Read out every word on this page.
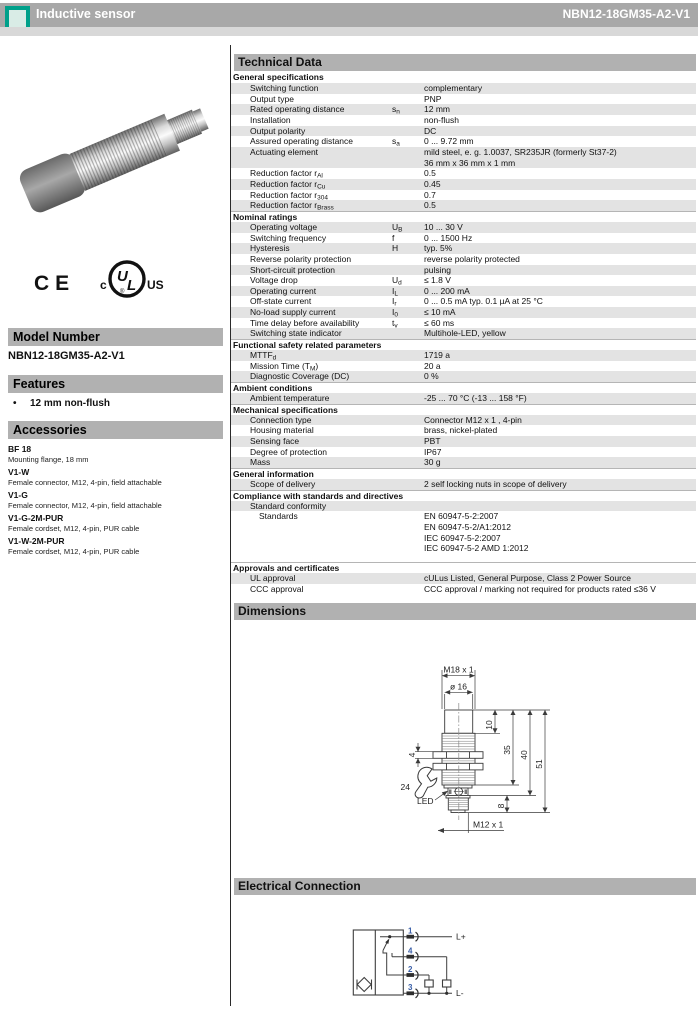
Inductive sensor	NBN12-18GM35-A2-V1
CE	U
L
®
c	US
Model Number
NBN12-18GM35-A2-V1
Features
• 12 mm non-flush
Accessories
BF 18
Mounting flange, 18 mm
V1-W
Female connector, M12, 4-pin, field attachable
V1-G
Female connector, M12, 4-pin, field attachable
V1-G-2M-PUR
Female cordset, M12, 4-pin, PUR cable
V1-W-2M-PUR
Female cordset, M12, 4-pin, PUR cable
Technical Data
General specifications
Switching function	complementary
Output type	PNP
Rated operating distance	$s_n$	12 mm
Installation	non-flush
Output polarity	DC
Assured operating distance	$s_a$	0 ... 9.72 mm
Actuating element	mild steel, e. g. 1.0037, SR235JR (formerly St37-2)
36 mm x 36 mm x 1 mm
Reduction factor $r_{Al}$	0.5
Reduction factor $r_{Cu}$	0.45
Reduction factor $r_{304}$	0.7
Reduction factor $r_{Brass}$	0.5
Nominal ratings
Operating voltage	$U_B$	10 ... 30 V
Switching frequency	f	0 ... 1500 Hz
Hysteresis	H	typ. 5%
Reverse polarity protection	reverse polarity protected
Short-circuit protection	pulsing
Voltage drop	$U_d$	≤ 1.8 V
Operating current	$I_L$	0 ... 200 mA
Off-state current	$I_r$	0 ... 0.5 mA typ. 0.1 µA at 25 °C
No-load supply current	$I_0$	≤ 10 mA
Time delay before availability	$t_v$	≤ 60 ms
Switching state indicator	Multihole-LED, yellow
Functional safety related parameters
$MTTF_d$	1719 a
Mission Time $(T_M)$	20 a
Diagnostic Coverage (DC)	0 %
Ambient conditions
Ambient temperature	-25 ... 70 °C (-13 ... 158 °F)
Mechanical specifications
Connection type	Connector M12 x 1 , 4-pin
Housing material	brass, nickel-plated
Sensing face	PBT
Degree of protection	IP67
Mass	30 g
General information
Scope of delivery	2 self locking nuts in scope of delivery
Compliance with standards and directives
Standard conformity
Standards	EN 60947-5-2:2007
EN 60947-5-2/A1:2012
IEC 60947-5-2:2007
IEC 60947-5-2 AMD 1:2012
Approvals and certificates
UL approval	cULus Listed, General Purpose, Class 2 Power Source
CCC approval	CCC approval / marking not required for products rated ≤36 V
Dimensions
M18 x 1
ø 16
10
35
40
51
4
8
24
LED
M12 x 1
Electrical Connection
1
4
2
3
L+
L-
